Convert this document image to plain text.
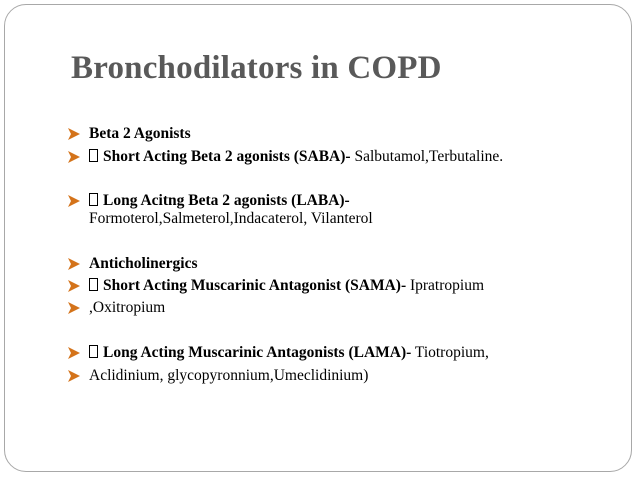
Bronchodilators in COPD
Beta 2 Agonists
Short Acting Beta 2 agonists (SABA)- Salbutamol,Terbutaline.
Long Acitng Beta 2 agonists (LABA)-
Formoterol,Salmeterol,Indacaterol, Vilanterol
Anticholinergics
Short Acting Muscarinic Antagonist (SAMA)- Ipratropium
,Oxitropium
Long Acting Muscarinic Antagonists (LAMA)- Tiotropium,
Aclidinium, glycopyronnium,Umeclidinium)
